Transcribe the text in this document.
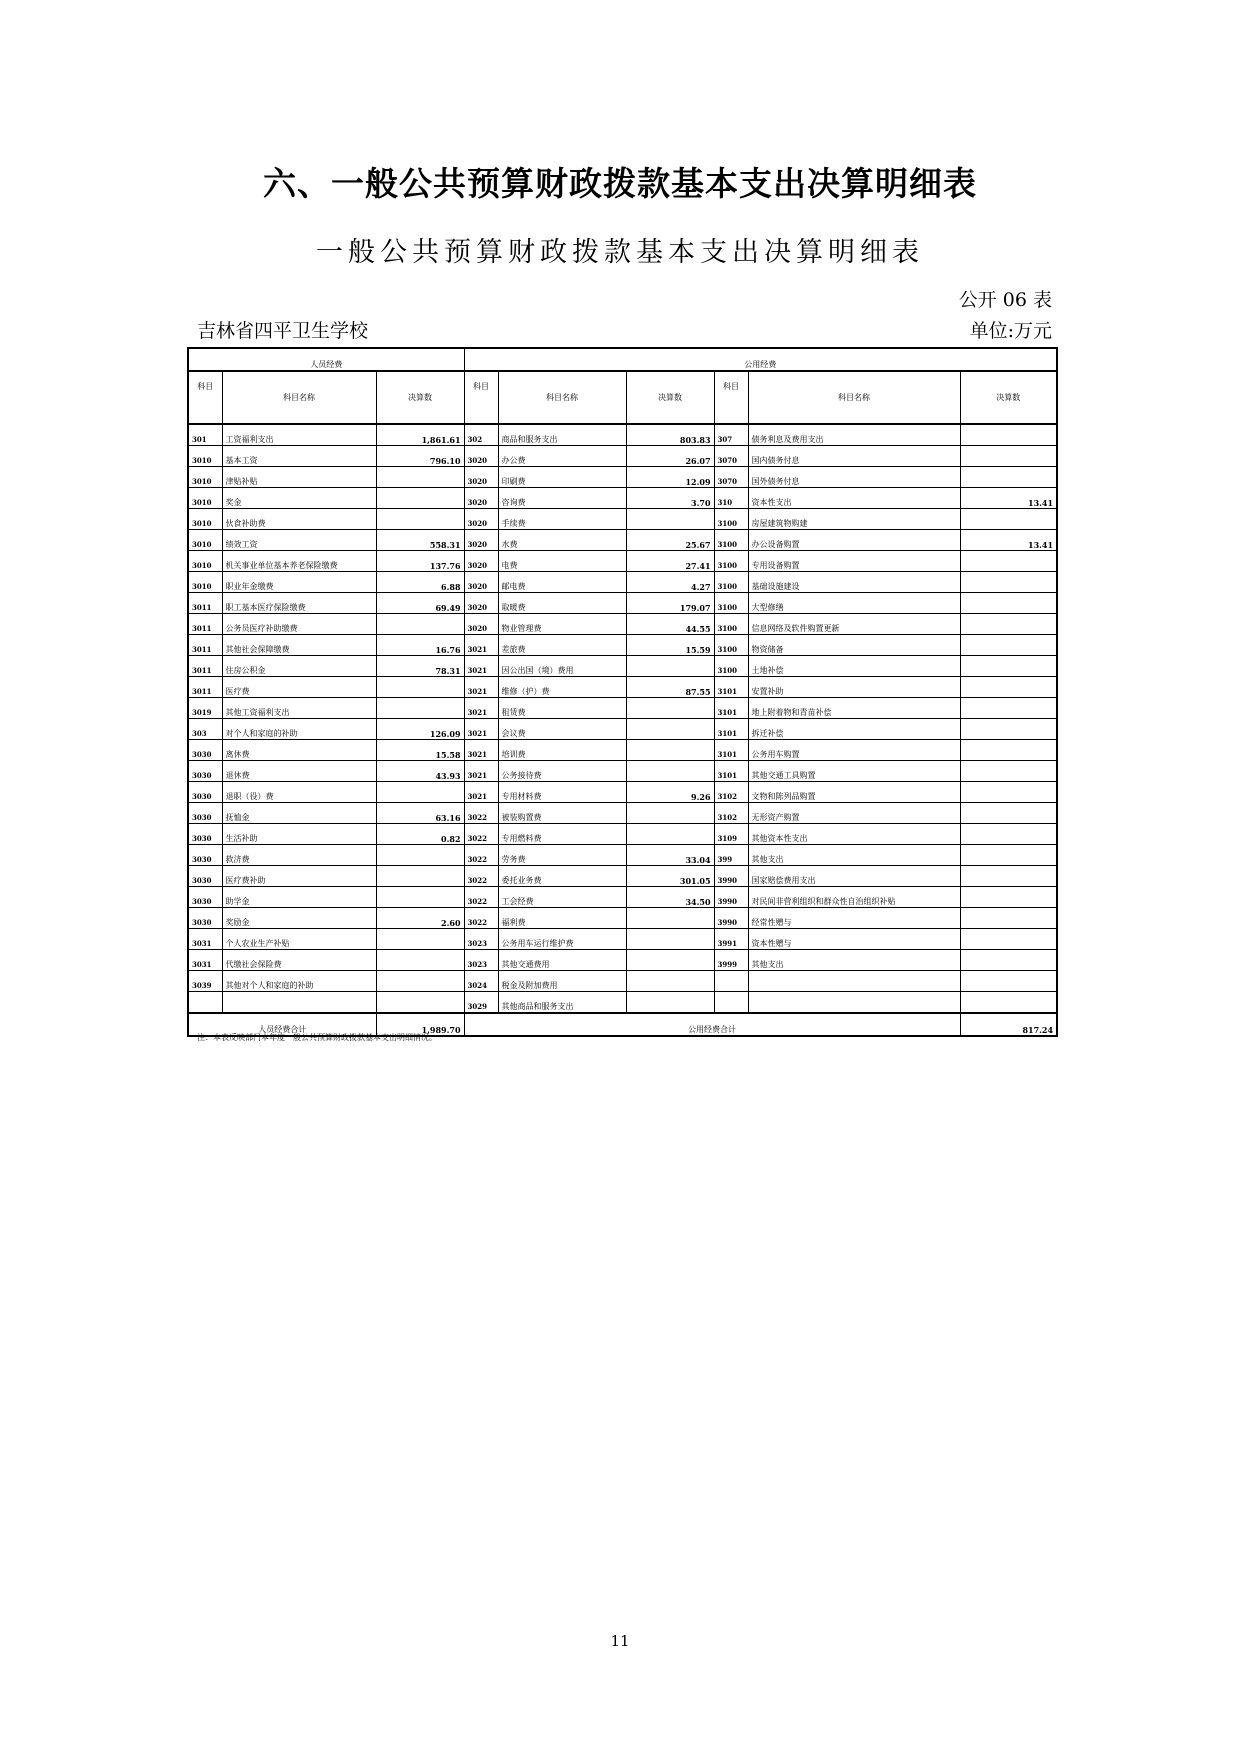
六、一般公共预算财政拨款基本支出决算明细表
一般公共预算财政拨款基本支出决算明细表
公开 06 表
吉林省四平卫生学校	单位:万元
人员经费			公用经费					
科目	科目名称	决算数	科目	科目名称	决算数	科目	科目名称	决算数
301	工资福利支出	1,861.61	302	商品和服务支出	803.83	307	债务利息及费用支出	
3010	基本工资	796.10	3020	办公费	26.07	3070	国内债务付息	
3010	津贴补贴		3020	印刷费	12.09	3070	国外债务付息	
3010	奖金		3020	咨询费	3.70	310	资本性支出	13.41
3010	伙食补助费		3020	手续费		3100	房屋建筑物购建	
3010	绩效工资	558.31	3020	水费	25.67	3100	办公设备购置	13.41
3010	机关事业单位基本养老保险缴费	137.76	3020	电费	27.41	3100	专用设备购置	
3010	职业年金缴费	6.88	3020	邮电费	4.27	3100	基础设施建设	
3011	职工基本医疗保险缴费	69.49	3020	取暖费	179.07	3100	大型修缮	
3011	公务员医疗补助缴费		3020	物业管理费	44.55	3100	信息网络及软件购置更新	
3011	其他社会保障缴费	16.76	3021	差旅费	15.59	3100	物资储备	
3011	住房公积金	78.31	3021	因公出国（境）费用		3100	土地补偿	
3011	医疗费		3021	维修（护）费	87.55	3101	安置补助	
3019	其他工资福利支出		3021	租赁费		3101	地上附着物和青苗补偿	
303	对个人和家庭的补助	126.09	3021	会议费		3101	拆迁补偿	
3030	离休费	15.58	3021	培训费		3101	公务用车购置	
3030	退休费	43.93	3021	公务接待费		3101	其他交通工具购置	
3030	退职（役）费		3021	专用材料费	9.26	3102	文物和陈列品购置	
3030	抚恤金	63.16	3022	被装购置费		3102	无形资产购置	
3030	生活补助	0.82	3022	专用燃料费		3109	其他资本性支出	
3030	救济费		3022	劳务费	33.04	399	其他支出	
3030	医疗费补助		3022	委托业务费	301.05	3990	国家赔偿费用支出	
3030	助学金		3022	工会经费	34.50	3990	对民间非营利组织和群众性自治组织补贴	
3030	奖励金	2.60	3022	福利费		3990	经常性赠与	
3031	个人农业生产补贴		3023	公务用车运行维护费		3991	资本性赠与	
3031	代缴社会保险费		3023	其他交通费用		3999	其他支出	
3039	其他对个人和家庭的补助		3024	税金及附加费用				
			3029	其他商品和服务支出				
人员经费合计		1,989.70	公用经费合计					817.24
注：本表反映部门本年度一般公共预算财政拨款基本支出明细情况。
11
